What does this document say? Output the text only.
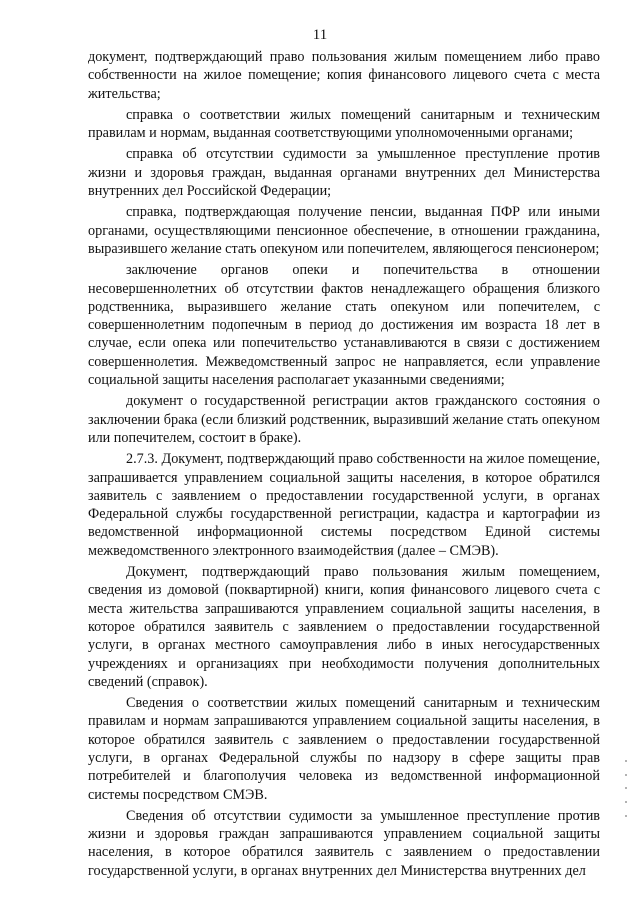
11

документ, подтверждающий право пользования жилым помещением либо право собственности на жилое помещение; копия финансового лицевого счета с места жительства;

справка о соответствии жилых помещений санитарным и техническим правилам и нормам, выданная соответствующими уполномоченными органами;

справка об отсутствии судимости за умышленное преступление против жизни и здоровья граждан, выданная органами внутренних дел Министерства внутренних дел Российской Федерации;

справка, подтверждающая получение пенсии, выданная ПФР или иными органами, осуществляющими пенсионное обеспечение, в отношении гражданина, выразившего желание стать опекуном или попечителем, являющегося пенсионером;

заключение органов опеки и попечительства в отношении несовершеннолетних об отсутствии фактов ненадлежащего обращения близкого родственника, выразившего желание стать опекуном или попечителем, с совершеннолетним подопечным в период до достижения им возраста 18 лет в случае, если опека или попечительство устанавливаются в связи с достижением совершеннолетия. Межведомственный запрос не направляется, если управление социальной защиты населения располагает указанными сведениями;

документ о государственной регистрации актов гражданского состояния о заключении брака (если близкий родственник, выразивший желание стать опекуном или попечителем, состоит в браке).

2.7.3. Документ, подтверждающий право собственности на жилое помещение, запрашивается управлением социальной защиты населения, в которое обратился заявитель с заявлением о предоставлении государственной услуги, в органах Федеральной службы государственной регистрации, кадастра и картографии из ведомственной информационной системы посредством Единой системы межведомственного электронного взаимодействия (далее – СМЭВ).

Документ, подтверждающий право пользования жилым помещением, сведения из домовой (поквартирной) книги, копия финансового лицевого счета с места жительства запрашиваются управлением социальной защиты населения, в которое обратился заявитель с заявлением о предоставлении государственной услуги, в органах местного самоуправления либо в иных негосударственных учреждениях и организациях при необходимости получения дополнительных сведений (справок).

Сведения о соответствии жилых помещений санитарным и техническим правилам и нормам запрашиваются управлением социальной защиты населения, в которое обратился заявитель с заявлением о предоставлении государственной услуги, в органах Федеральной службы по надзору в сфере защиты прав потребителей и благополучия человека из ведомственной информационной системы посредством СМЭВ.

Сведения об отсутствии судимости за умышленное преступление против жизни и здоровья граждан запрашиваются управлением социальной защиты населения, в которое обратился заявитель с заявлением о предоставлении государственной услуги, в органах внутренних дел Министерства внутренних дел
